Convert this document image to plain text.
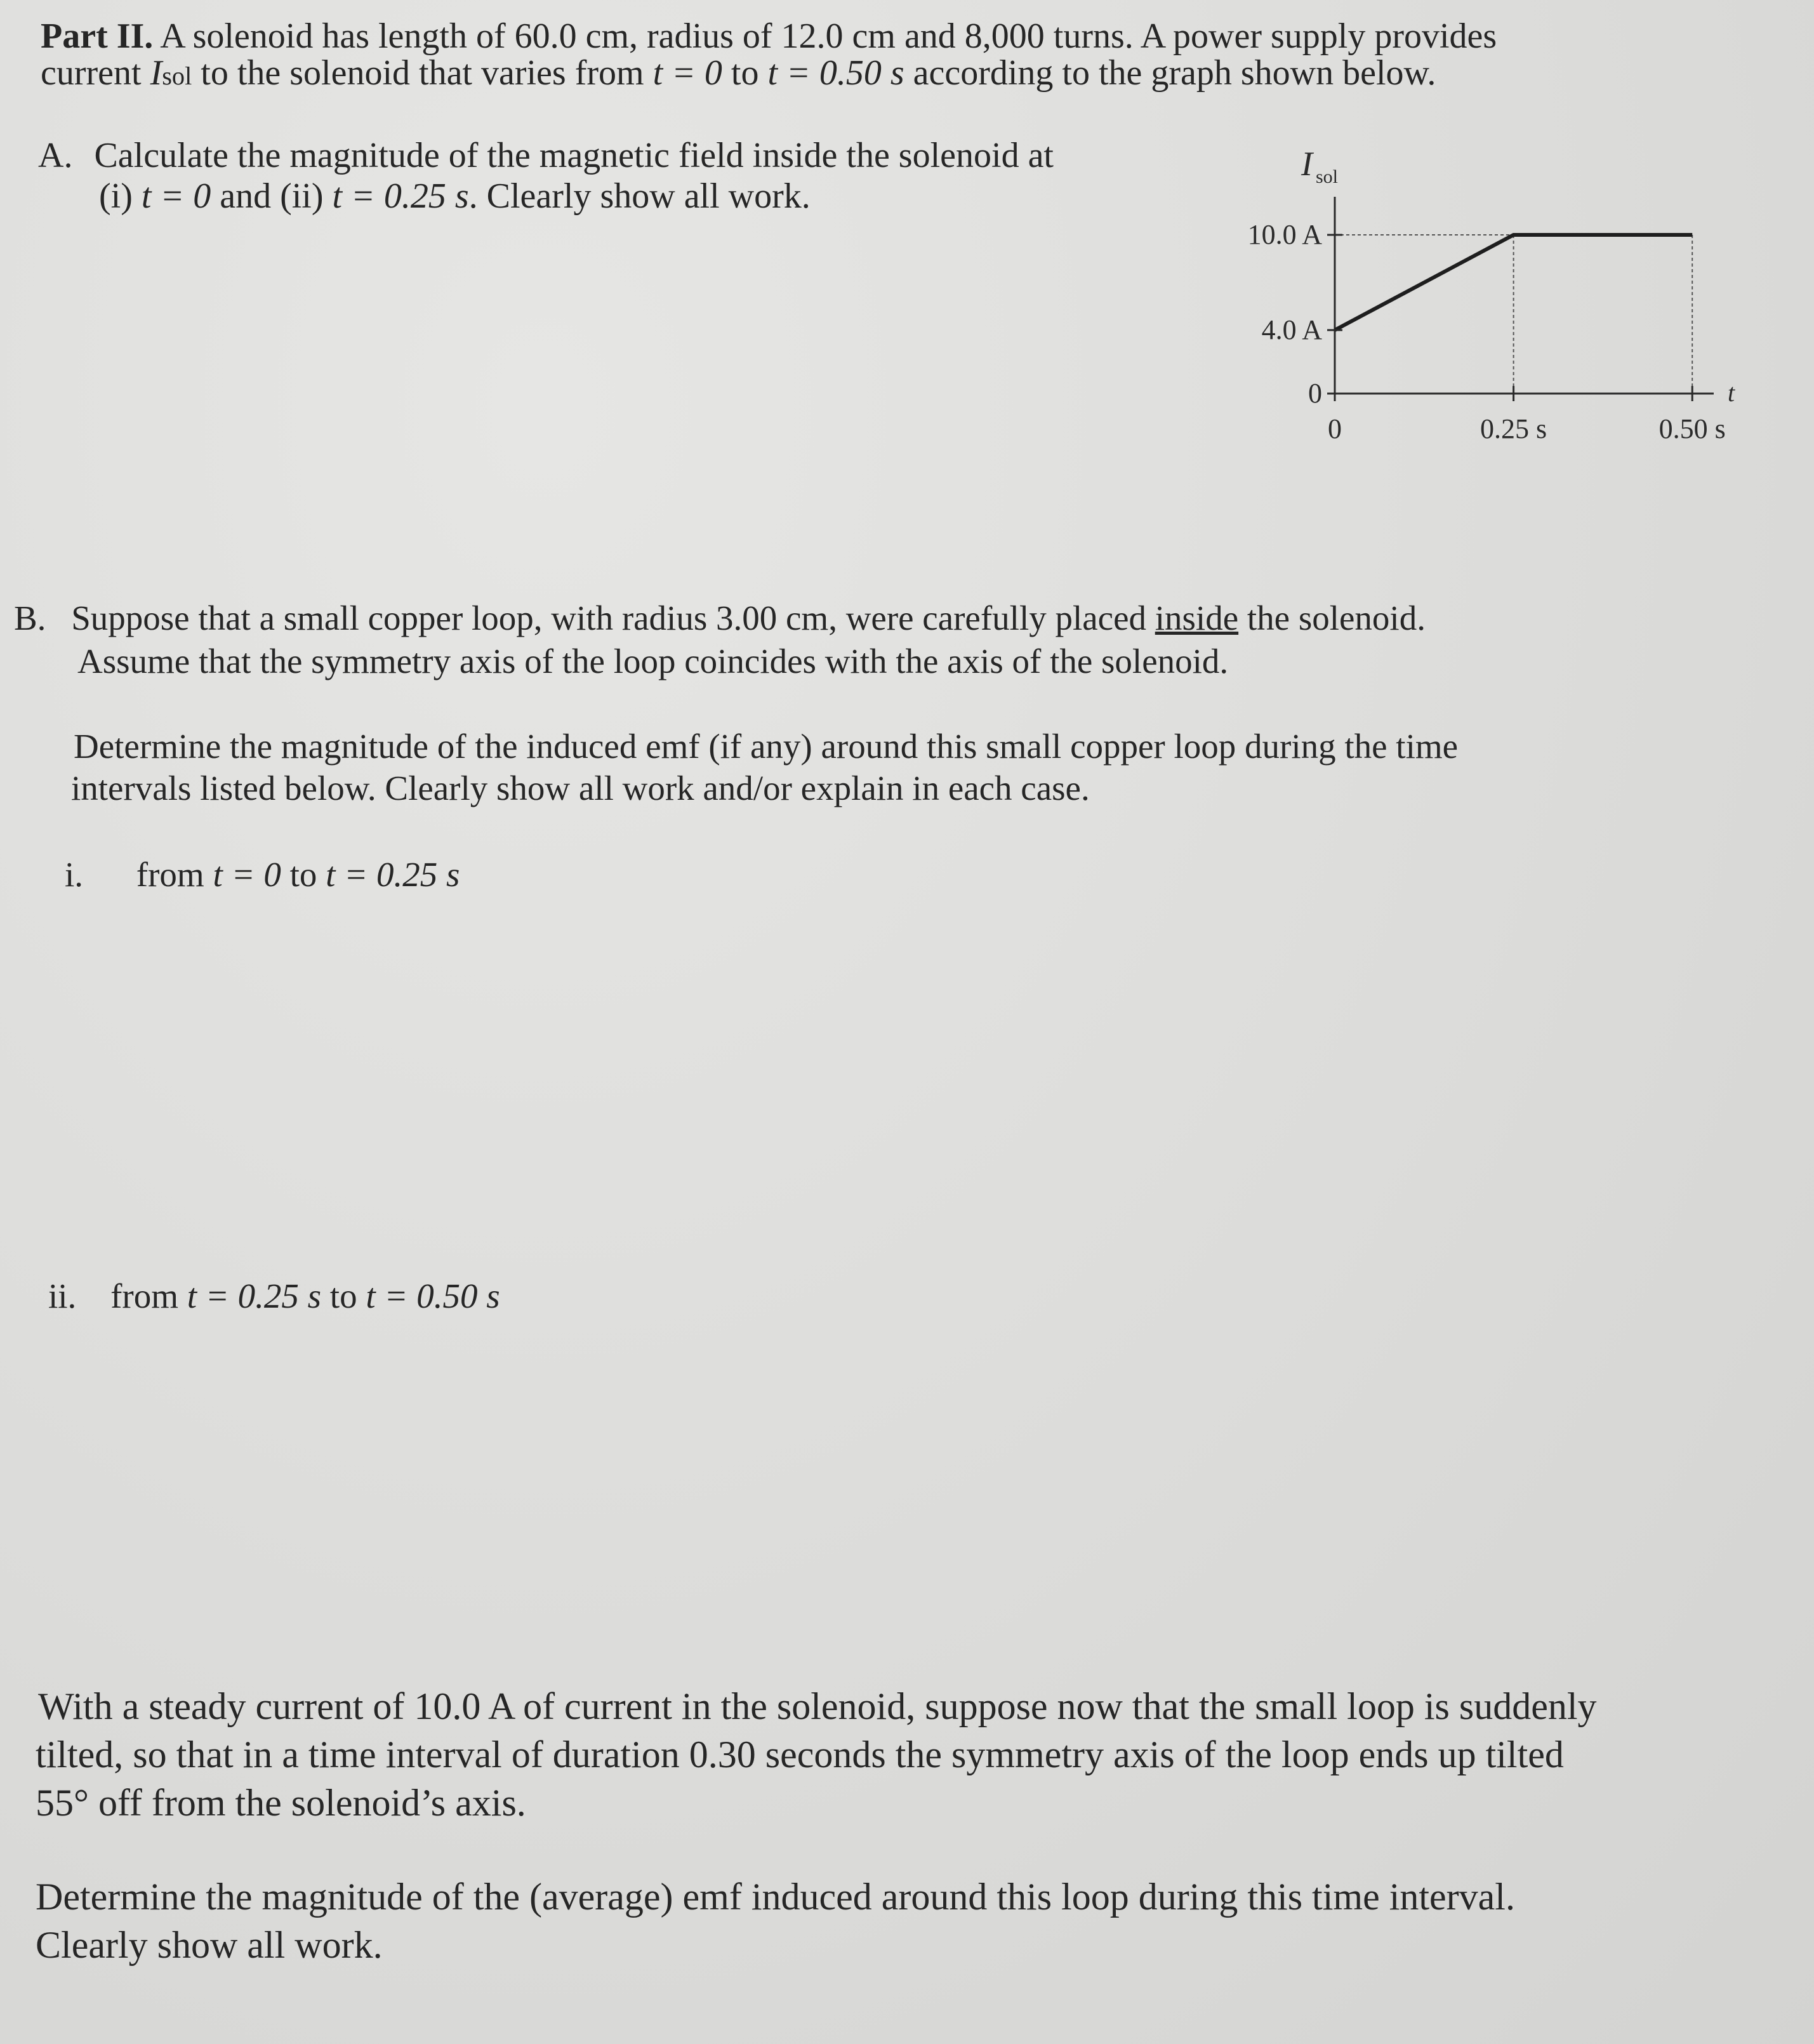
Part II. A solenoid has length of 60.0 cm, radius of 12.0 cm and 8,000 turns. A power supply provides
current Isol to the solenoid that varies from t = 0 to t = 0.50 s according to the graph shown below.
A. Calculate the magnitude of the magnetic field inside the solenoid at
(i) t = 0 and (ii) t = 0.25 s. Clearly show all work.
10.0 A
4.0 A
0
0	0.25 s	0.50 s
I sol
t
B. Suppose that a small copper loop, with radius 3.00 cm, were carefully placed inside the solenoid.
Assume that the symmetry axis of the loop coincides with the axis of the solenoid.
Determine the magnitude of the induced emf (if any) around this small copper loop during the time
intervals listed below. Clearly show all work and/or explain in each case.
i. from t = 0 to t = 0.25 s
ii. from t = 0.25 s to t = 0.50 s
With a steady current of 10.0 A of current in the solenoid, suppose now that the small loop is suddenly
tilted, so that in a time interval of duration 0.30 seconds the symmetry axis of the loop ends up tilted
55° off from the solenoid’s axis.
Determine the magnitude of the (average) emf induced around this loop during this time interval.
Clearly show all work.
